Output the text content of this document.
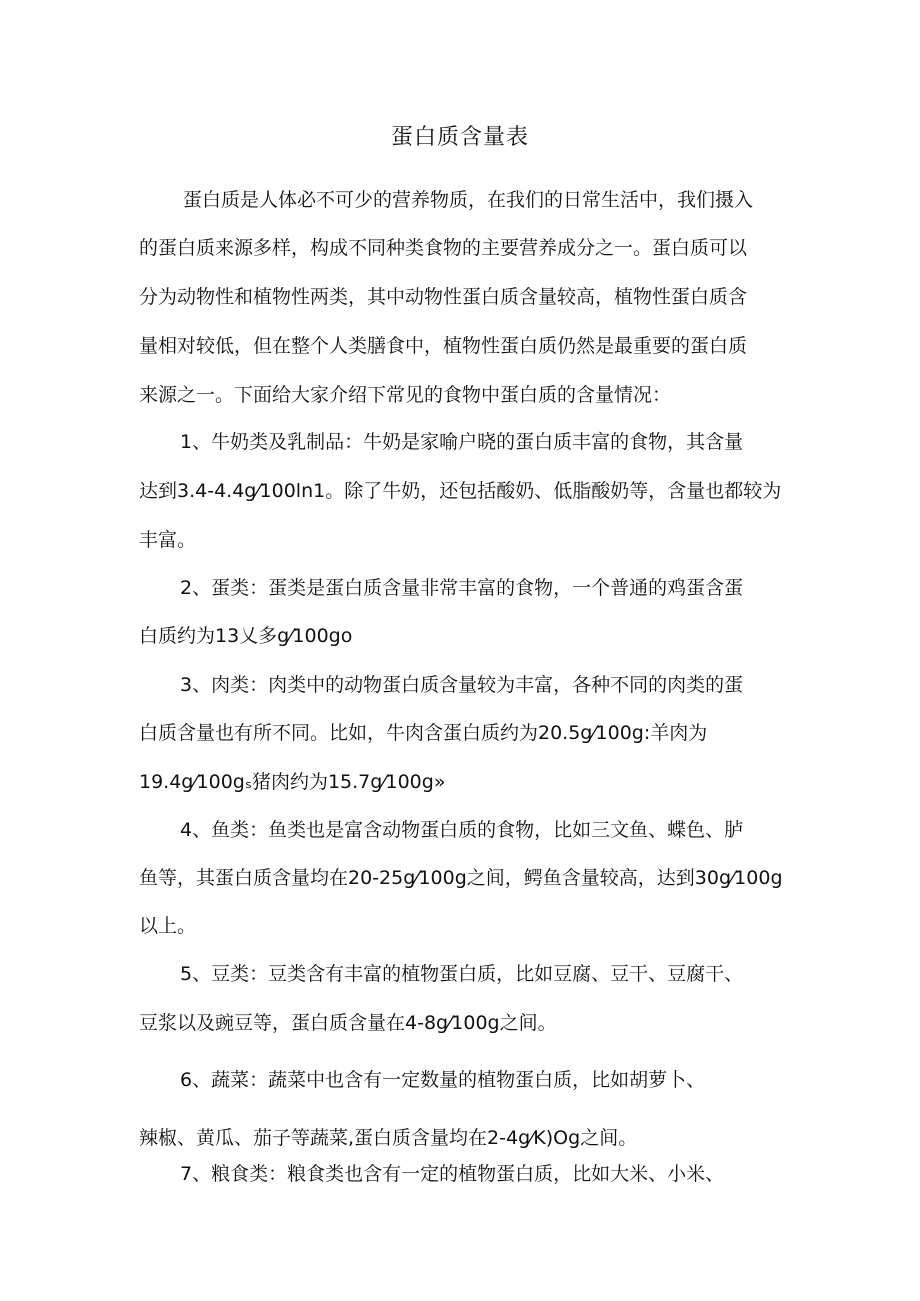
蛋白质含量表
蛋白质是人体必不可少的营养物质，在我们的日常生活中，我们摄入
的蛋白质来源多样，构成不同种类食物的主要营养成分之一。蛋白质可以
分为动物性和植物性两类，其中动物性蛋白质含量较高，植物性蛋白质含
量相对较低，但在整个人类膳食中，植物性蛋白质仍然是最重要的蛋白质
来源之一。下面给大家介绍下常见的食物中蛋白质的含量情况：
1、牛奶类及乳制品：牛奶是家喻户晓的蛋白质丰富的食物，其含量
达到3.4-4.4g⁄100ln1。除了牛奶，还包括酸奶、低脂酸奶等，含量也都较为
丰富。
2、蛋类：蛋类是蛋白质含量非常丰富的食物，一个普通的鸡蛋含蛋
白质约为13乂多g⁄100go
3、肉类：肉类中的动物蛋白质含量较为丰富，各种不同的肉类的蛋
白质含量也有所不同。比如，牛肉含蛋白质约为20.5g⁄100g:羊肉为
19.4g⁄100gₛ猪肉约为15.7g⁄100g»
4、鱼类：鱼类也是富含动物蛋白质的食物，比如三文鱼、蝶色、胪
鱼等，其蛋白质含量均在20-25g⁄100g之间，鳄鱼含量较高，达到30g⁄100g
以上。
5、豆类：豆类含有丰富的植物蛋白质，比如豆腐、豆干、豆腐干、
豆浆以及豌豆等，蛋白质含量在4-8g⁄100g之间。
6、蔬菜：蔬菜中也含有一定数量的植物蛋白质，比如胡萝卜、
辣椒、黄瓜、茄子等蔬菜,蛋白质含量均在2-4g⁄K)Og之间。
7、粮食类：粮食类也含有一定的植物蛋白质，比如大米、小米、
